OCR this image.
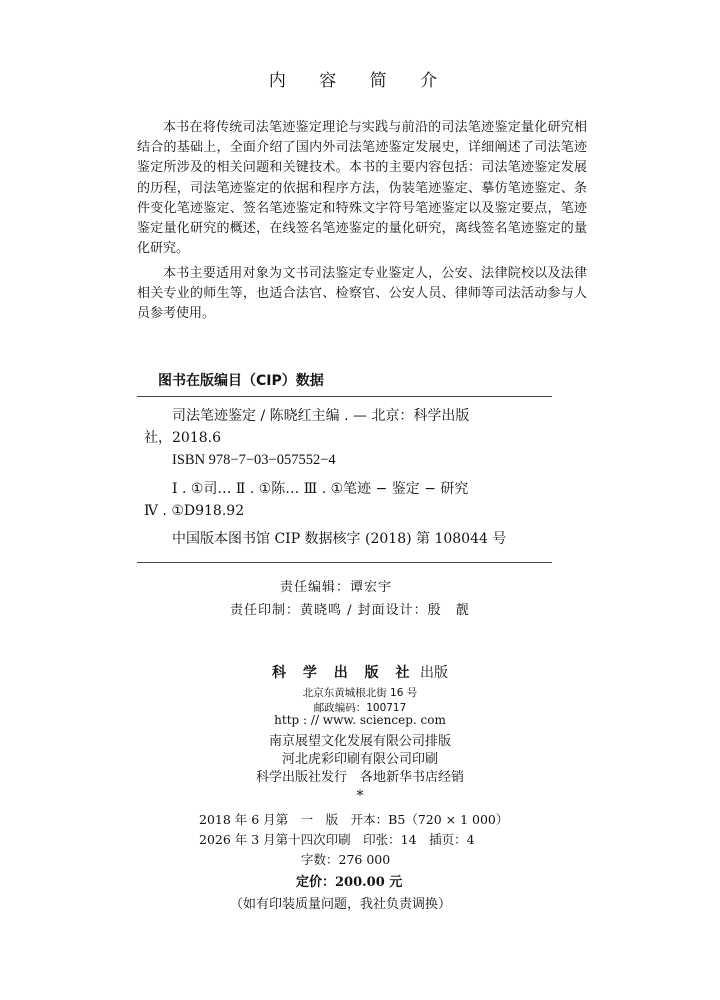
内 容 简 介

本书在将传统司法笔迹鉴定理论与实践与前沿的司法笔迹鉴定量化研究相结合的基础上，全面介绍了国内外司法笔迹鉴定发展史，详细阐述了司法笔迹鉴定所涉及的相关问题和关键技术。本书的主要内容包括：司法笔迹鉴定发展的历程，司法笔迹鉴定的依据和程序方法，伪装笔迹鉴定、摹仿笔迹鉴定、条件变化笔迹鉴定、签名笔迹鉴定和特殊文字符号笔迹鉴定以及鉴定要点，笔迹鉴定量化研究的概述，在线签名笔迹鉴定的量化研究，离线签名笔迹鉴定的量化研究。

本书主要适用对象为文书司法鉴定专业鉴定人，公安、法律院校以及法律相关专业的师生等，也适合法官、检察官、公安人员、律师等司法活动参与人员参考使用。

图书在版编目（CIP）数据
司法笔迹鉴定 / 陈晓红主编 . — 北京：科学出版
社，2018.6
ISBN 978−7−03−057552−4
Ⅰ . ①司… Ⅱ . ①陈… Ⅲ . ①笔迹 − 鉴定 − 研究
Ⅳ . ①D918.92
中国版本图书馆 CIP 数据核字 (2018) 第 108044 号
责任编辑：谭宏宇
责任印制：黄晓鸣 / 封面设计：殷　靓
科 学 出 版 社 出版
北京东黄城根北街 16 号
邮政编码：100717
http : // www. sciencep. com
南京展望文化发展有限公司排版
河北虎彩印刷有限公司印刷
科学出版社发行　各地新华书店经销
*
2018 年 6 月第　一　版　开本：B5（720 × 1 000）
2026 年 3 月第十四次印刷　印张：14　插页：4
字数：276 000
定价：200.00 元
（如有印装质量问题，我社负责调换）
